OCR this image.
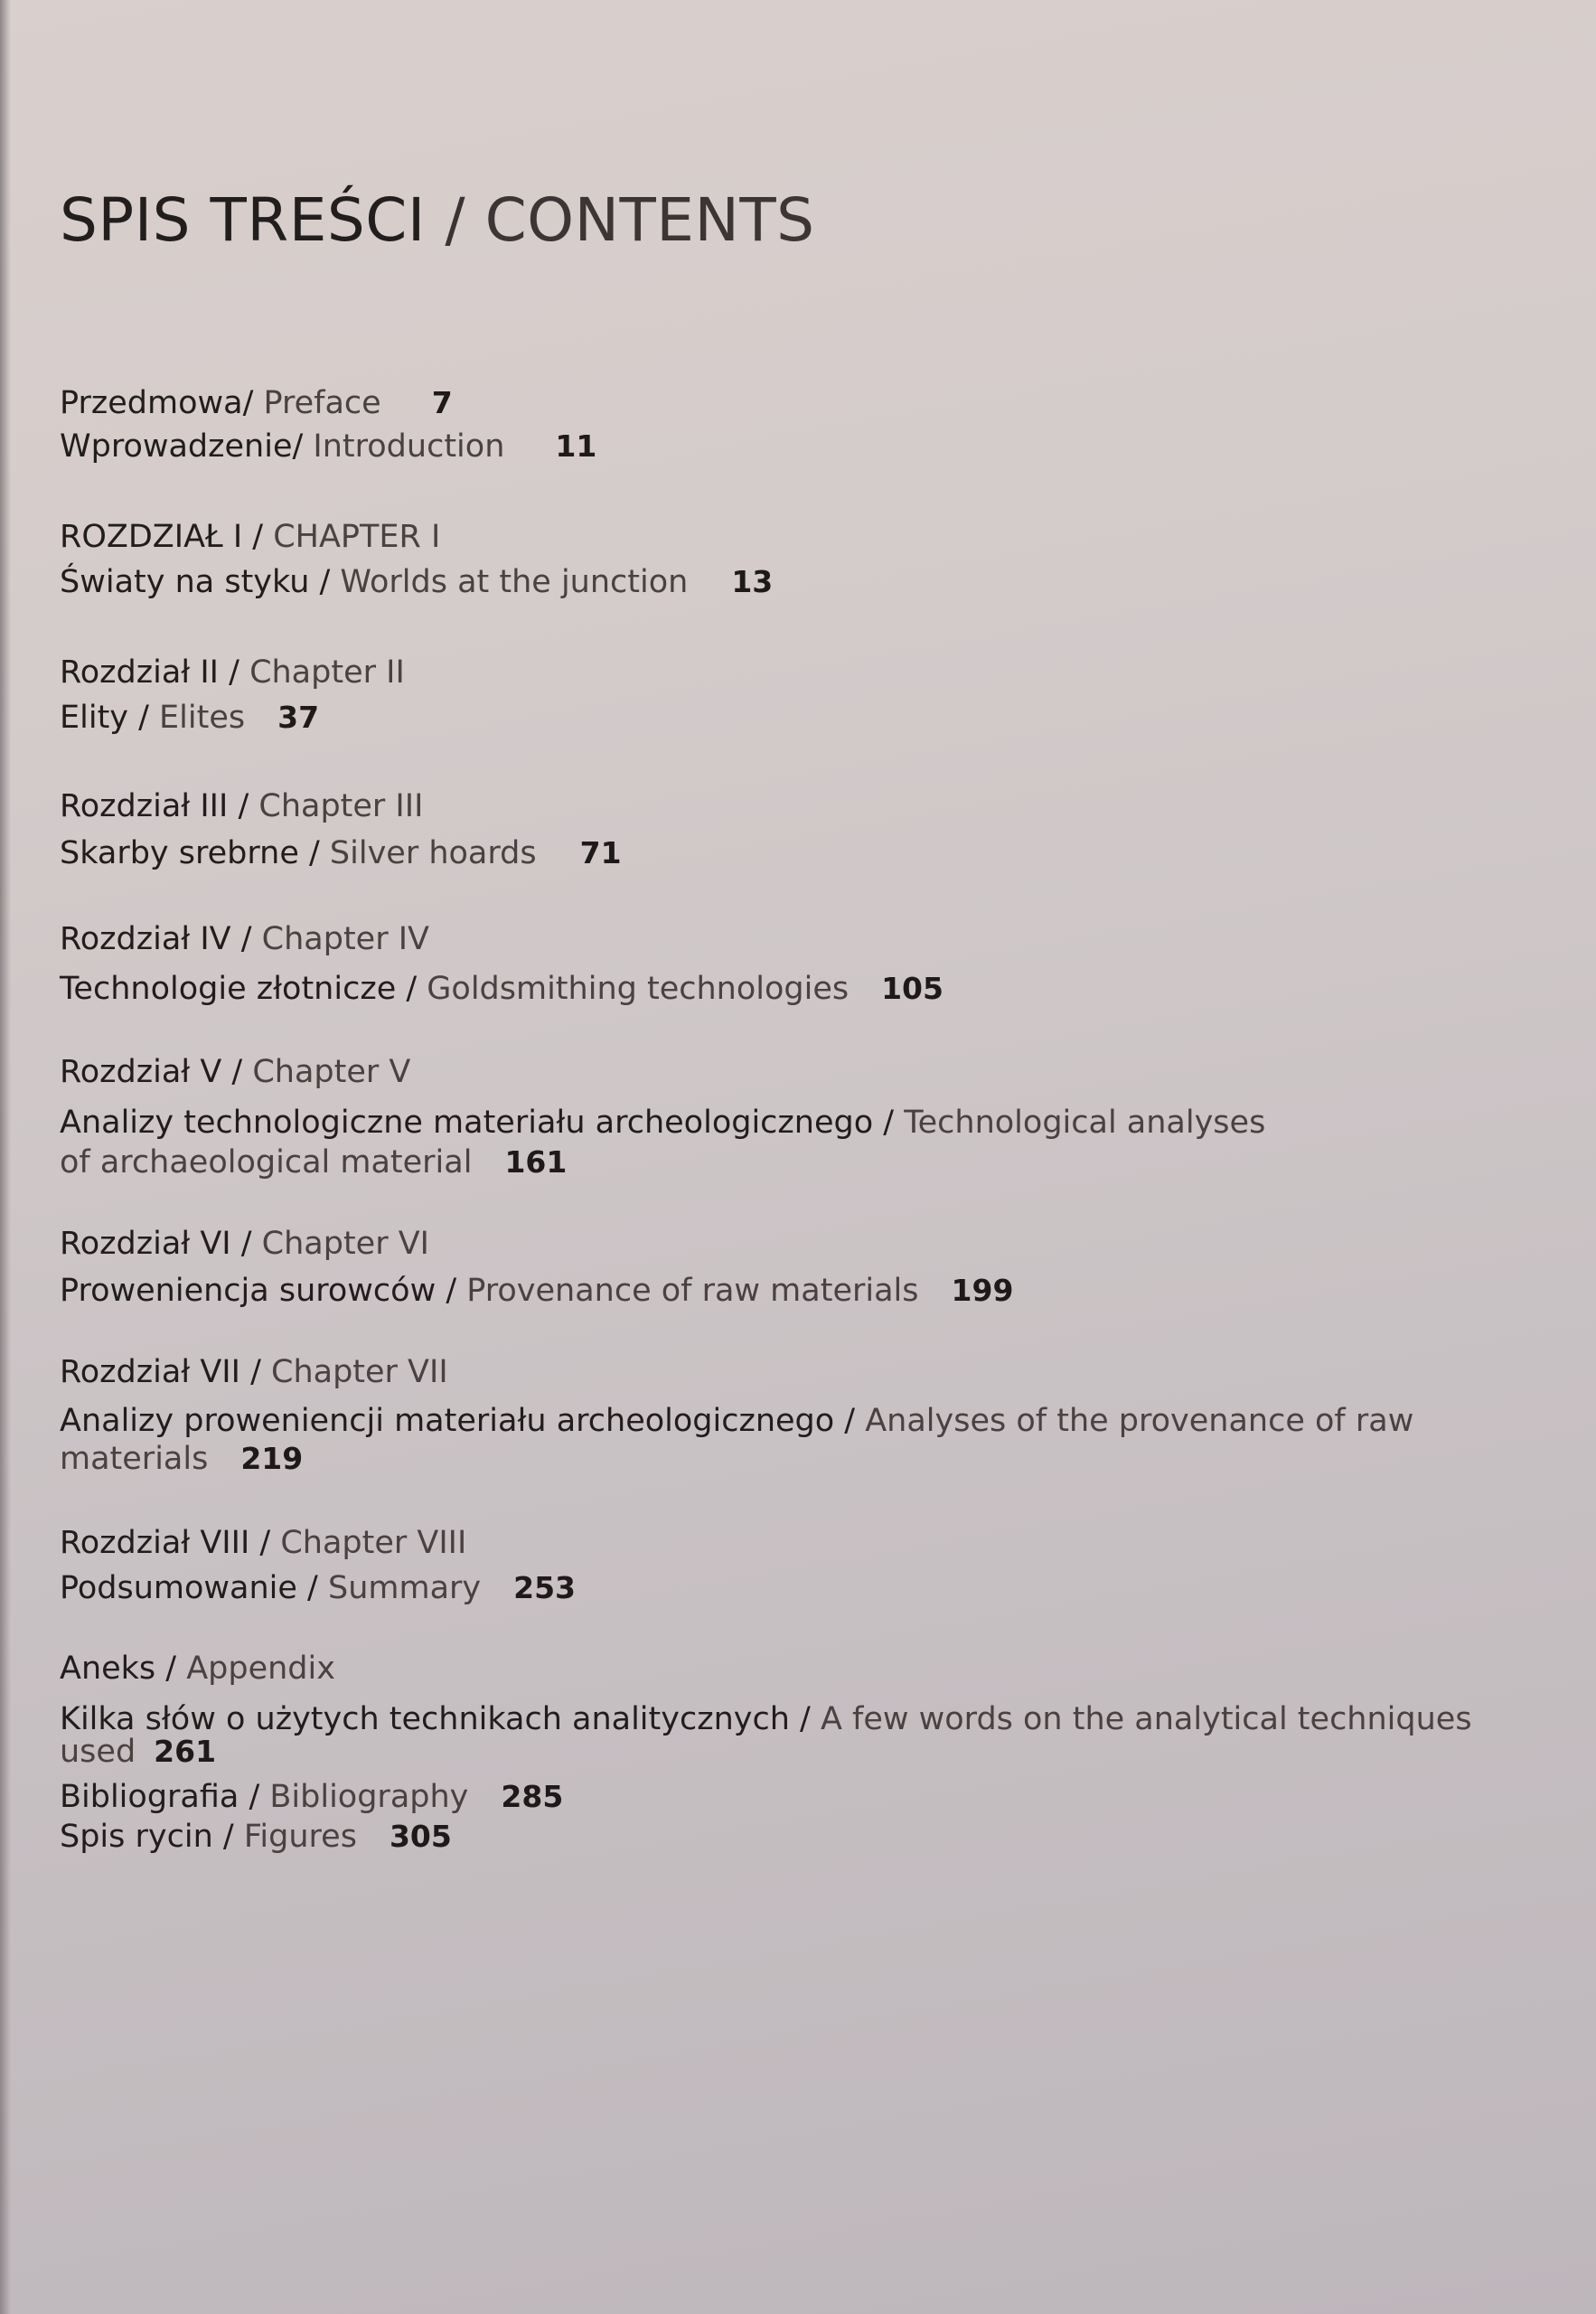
SPIS TREŚCI / CONTENTS
Przedmowa/ Preface 7
Wprowadzenie/ Introduction 11
ROZDZIAŁ I / CHAPTER I
Światy na styku / Worlds at the junction 13
Rozdział II / Chapter II
Elity / Elites 37
Rozdział III / Chapter III
Skarby srebrne / Silver hoards 71
Rozdział IV / Chapter IV
Technologie złotnicze / Goldsmithing technologies 105
Rozdział V / Chapter V
Analizy technologiczne materiału archeologicznego / Technological analyses
of archaeological material 161
Rozdział VI / Chapter VI
Proweniencja surowców / Provenance of raw materials 199
Rozdział VII / Chapter VII
Analizy proweniencji materiału archeologicznego / Analyses of the provenance of raw
materials 219
Rozdział VIII / Chapter VIII
Podsumowanie / Summary 253
Aneks / Appendix
Kilka słów o użytych technikach analitycznych / A few words on the analytical techniques
used 261
Bibliografia / Bibliography 285
Spis rycin / Figures 305
